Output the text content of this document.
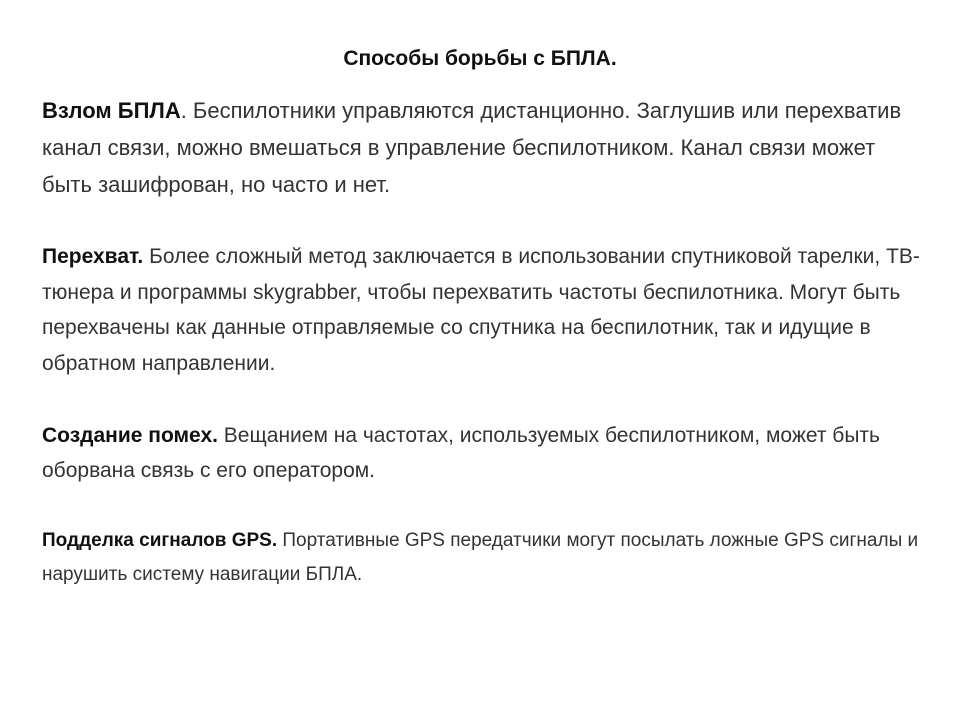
Способы борьбы с БПЛА.

Взлом БПЛА. Беспилотники управляются дистанционно. Заглушив или перехватив канал связи, можно вмешаться в управление беспилотником. Канал связи может быть зашифрован, но часто и нет.

Перехват. Более сложный метод заключается в использовании спутниковой тарелки, ТВ-тюнера и программы skygrabber, чтобы перехватить частоты беспилотника. Могут быть перехвачены как данные отправляемые со спутника на беспилотник, так и идущие в обратном направлении.

Создание помех. Вещанием на частотах, используемых беспилотником, может быть оборвана связь с его оператором.

Подделка сигналов GPS. Портативные GPS передатчики могут посылать ложные GPS сигналы и нарушить систему навигации БПЛА.
